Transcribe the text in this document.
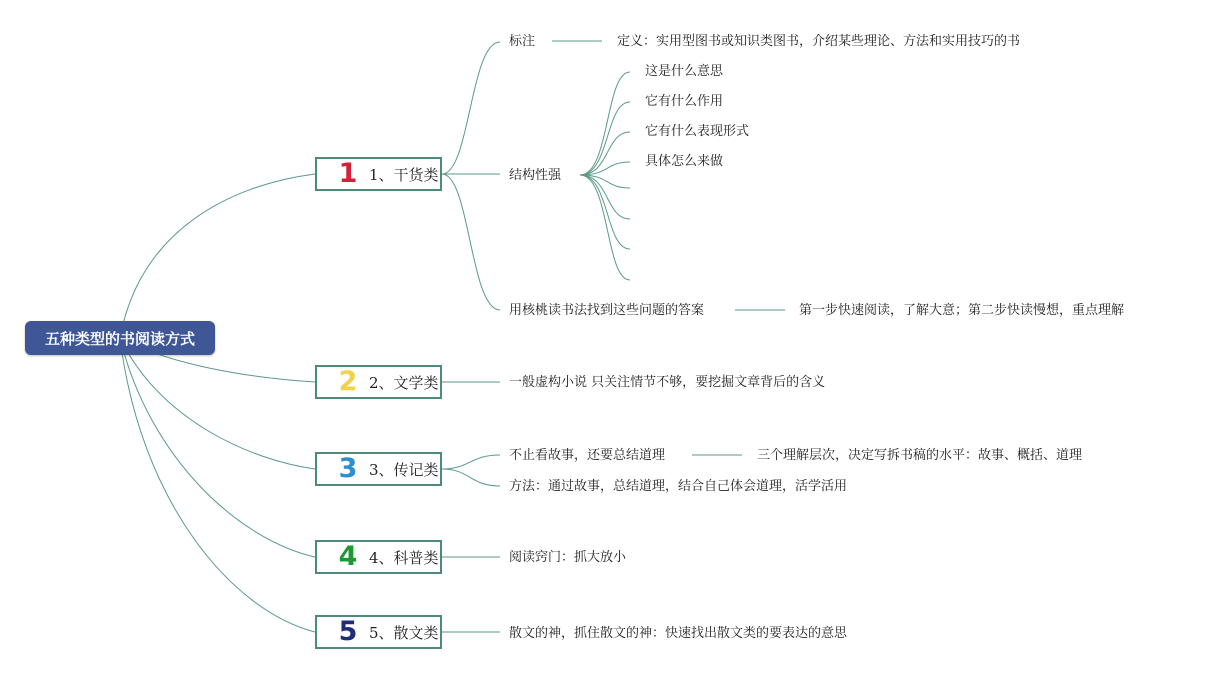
五种类型的书阅读方式
1 1、干货类
2 2、文学类
3 3、传记类
4 4、科普类
5 5、散文类
标注	定义：实用型图书或知识类图书，介绍某些理论、方法和实用技巧的书
结构性强
这是什么意思
它有什么作用
它有什么表现形式
具体怎么来做
用核桃读书法找到这些问题的答案	第一步快速阅读，了解大意；第二步快读慢想，重点理解
一般虚构小说 只关注情节不够，要挖掘文章背后的含义
不止看故事，还要总结道理	三个理解层次，决定写拆书稿的水平：故事、概括、道理
方法：通过故事，总结道理，结合自己体会道理，活学活用
阅读窍门：抓大放小
散文的神，抓住散文的神：快速找出散文类的要表达的意思
